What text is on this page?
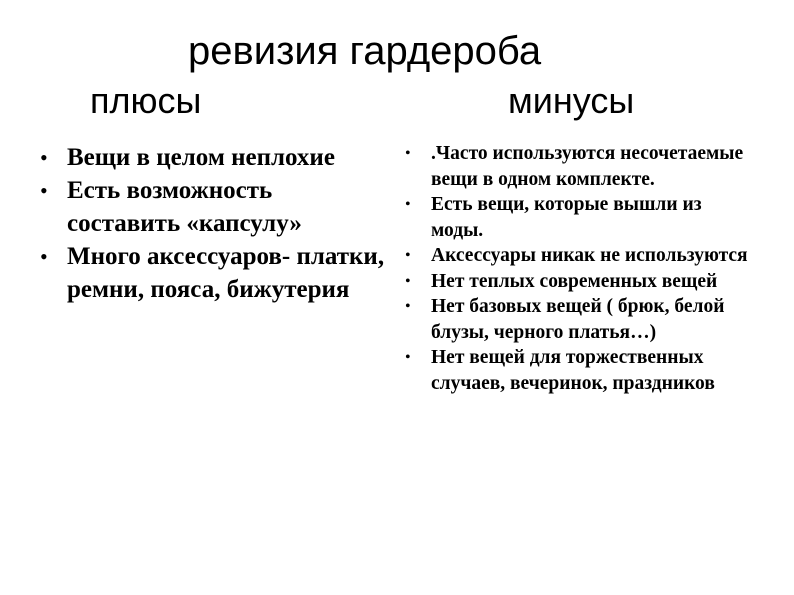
ревизия гардероба
плюсы	минусы
• Вещи в целом неплохие
• Есть возможность составить «капсулу»
• Много аксессуаров- платки, ремни, пояса, бижутерия
• .Часто используются несочетаемые вещи в одном комплекте.
• Есть вещи, которые вышли из моды.
• Аксессуары никак не используются
• Нет теплых современных вещей
• Нет базовых вещей ( брюк, белой блузы, черного платья…)
• Нет вещей для торжественных случаев, вечеринок, праздников
